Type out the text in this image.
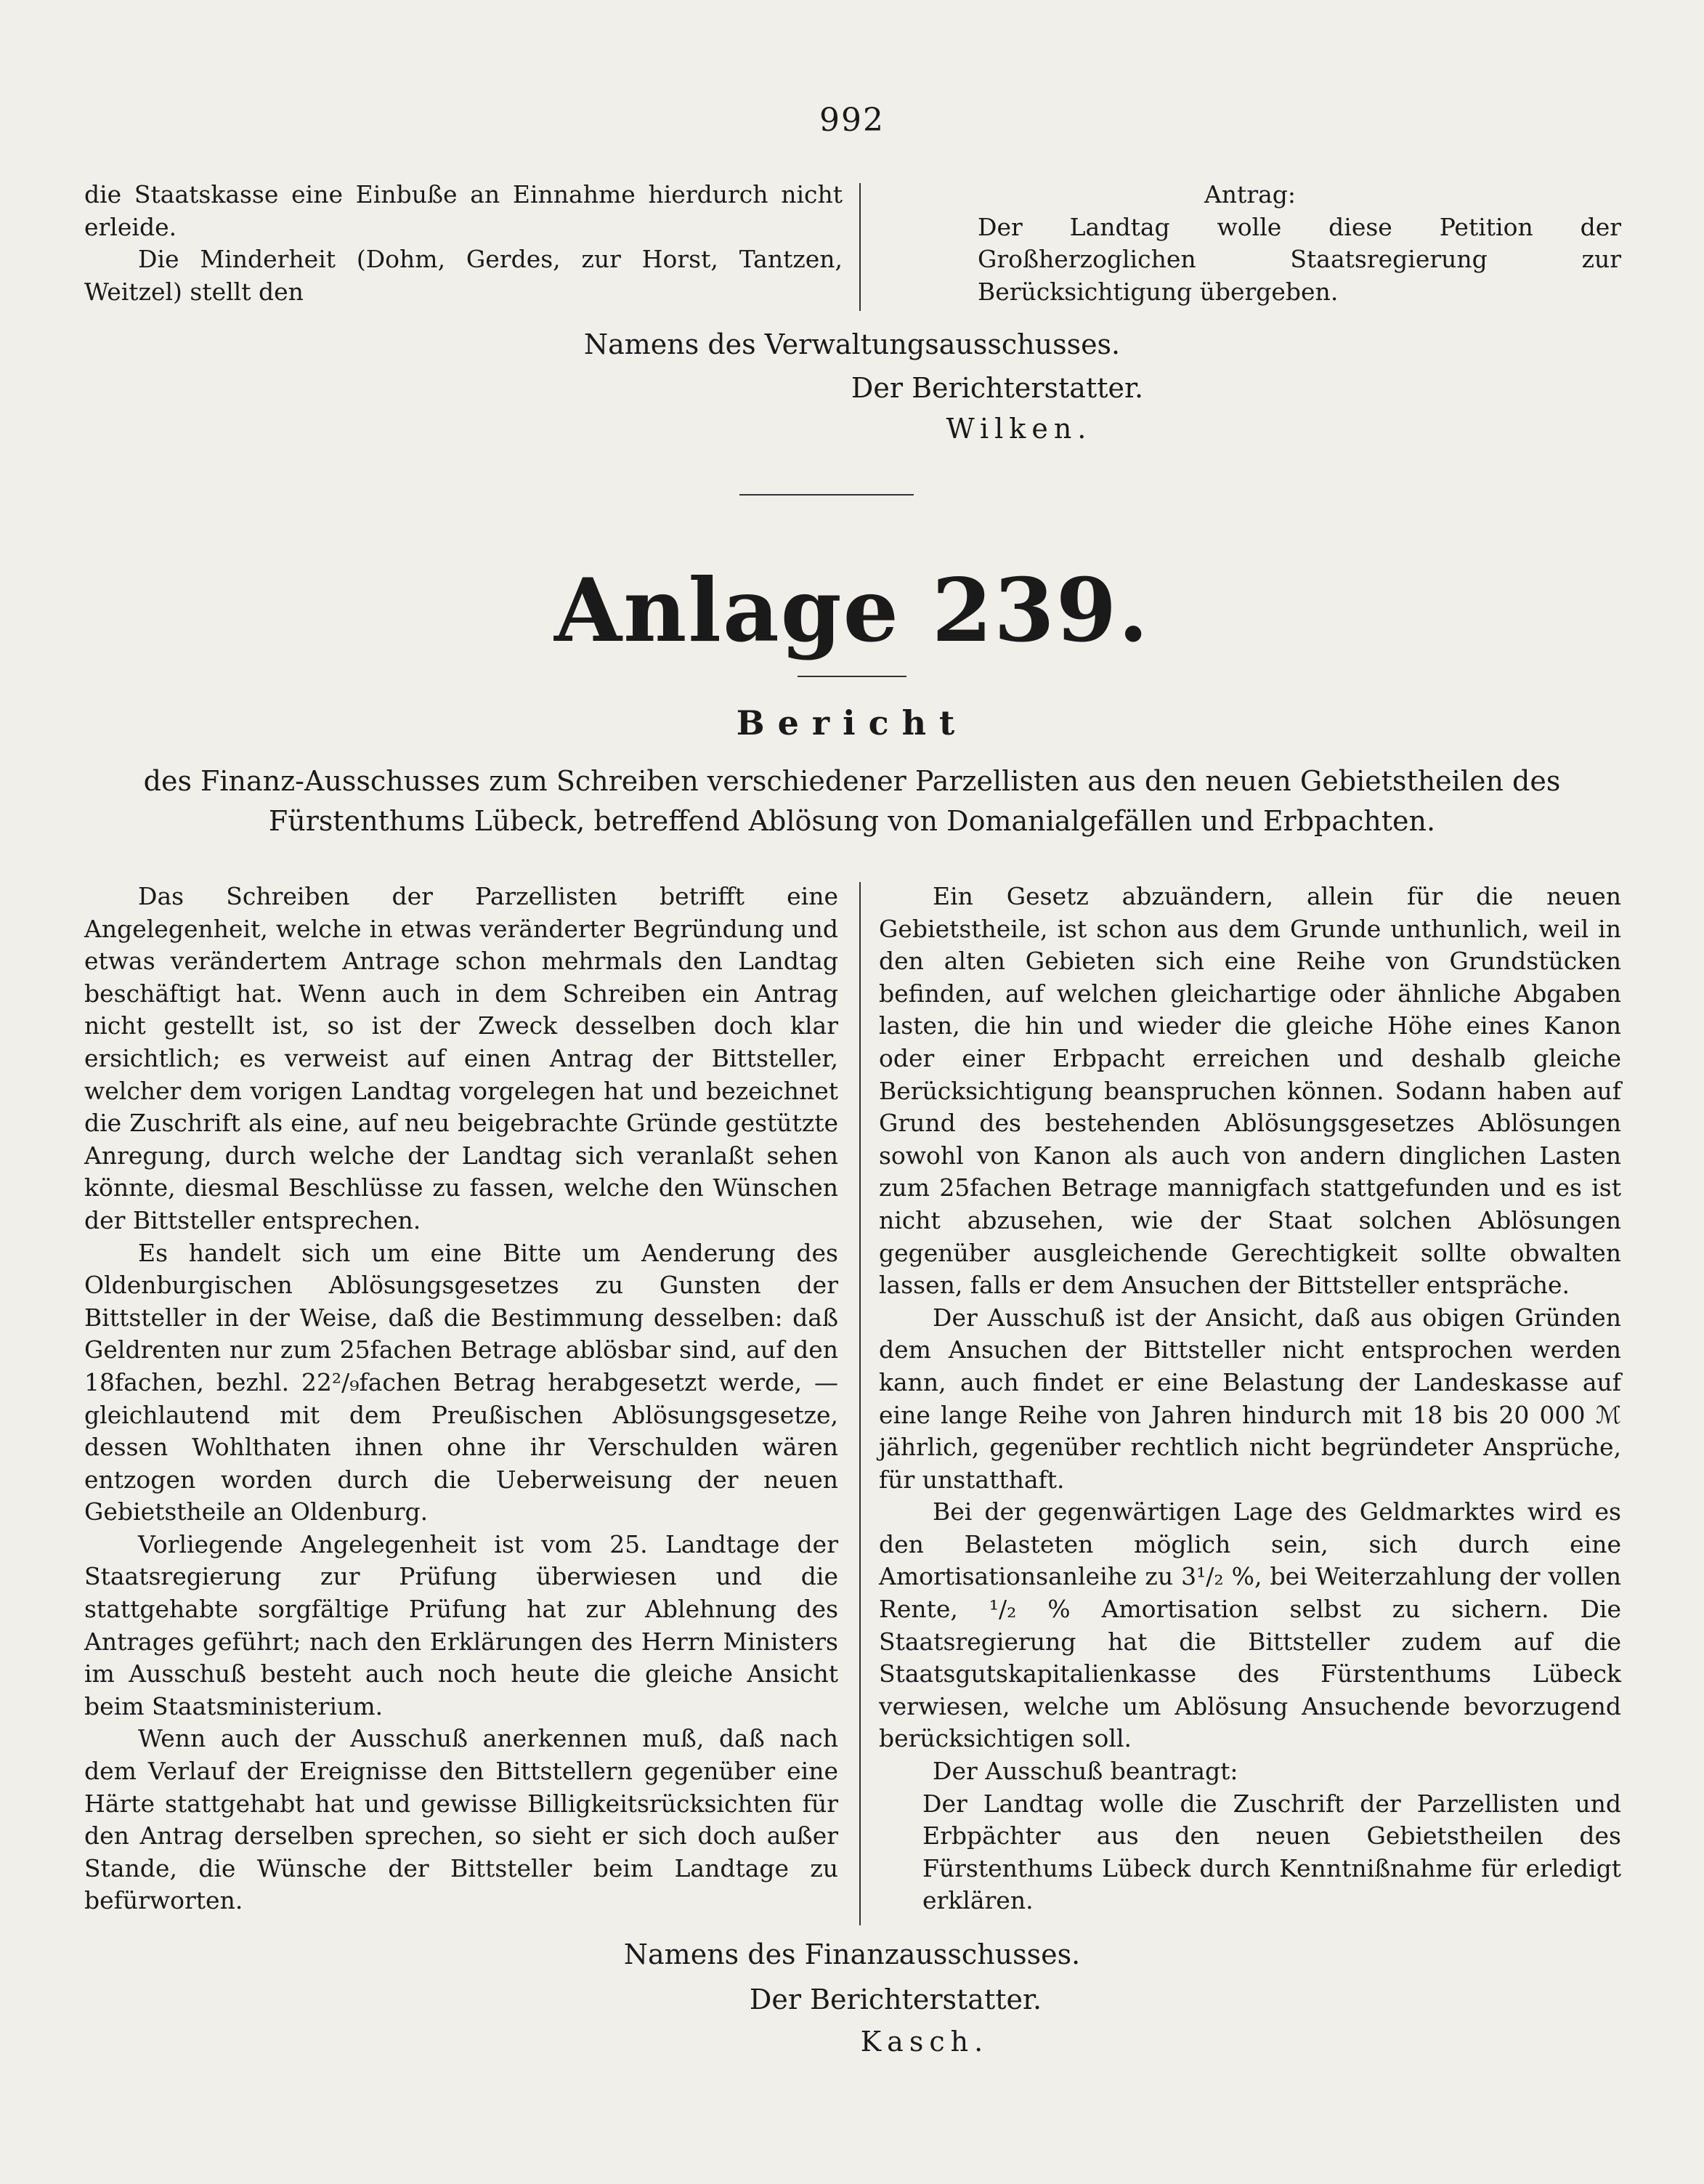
992

die Staatskasse eine Einbuße an Einnahme hierdurch nicht erleide.

Die Minderheit (Dohm, Gerdes, zur Horst, Tantzen, Weitzel) stellt den

Antrag:

Der Landtag wolle diese Petition der Großherzoglichen Staatsregierung zur Berücksichtigung übergeben.

Namens des Verwaltungsausschusses.
Der Berichterstatter.
Wilken.
Anlage 239.
Bericht
des Finanz-Ausschusses zum Schreiben verschiedener Parzellisten aus den neuen Gebietstheilen des Fürstenthums Lübeck, betreffend Ablösung von Domanialgefällen und Erbpachten.

Das Schreiben der Parzellisten betrifft eine Angelegenheit, welche in etwas veränderter Begründung und etwas verändertem Antrage schon mehrmals den Landtag beschäftigt hat. Wenn auch in dem Schreiben ein Antrag nicht gestellt ist, so ist der Zweck desselben doch klar ersichtlich; es verweist auf einen Antrag der Bittsteller, welcher dem vorigen Landtag vorgelegen hat und bezeichnet die Zuschrift als eine, auf neu beigebrachte Gründe gestützte Anregung, durch welche der Landtag sich veranlaßt sehen könnte, diesmal Beschlüsse zu fassen, welche den Wünschen der Bittsteller entsprechen.

Es handelt sich um eine Bitte um Aenderung des Oldenburgischen Ablösungsgesetzes zu Gunsten der Bittsteller in der Weise, daß die Bestimmung desselben: daß Geldrenten nur zum 25fachen Betrage ablösbar sind, auf den 18fachen, bezhl. 22²/₉fachen Betrag herabgesetzt werde, — gleichlautend mit dem Preußischen Ablösungsgesetze, dessen Wohlthaten ihnen ohne ihr Verschulden wären entzogen worden durch die Ueberweisung der neuen Gebietstheile an Oldenburg.

Vorliegende Angelegenheit ist vom 25. Landtage der Staatsregierung zur Prüfung überwiesen und die stattgehabte sorgfältige Prüfung hat zur Ablehnung des Antrages geführt; nach den Erklärungen des Herrn Ministers im Ausschuß besteht auch noch heute die gleiche Ansicht beim Staatsministerium.

Wenn auch der Ausschuß anerkennen muß, daß nach dem Verlauf der Ereignisse den Bittstellern gegenüber eine Härte stattgehabt hat und gewisse Billigkeitsrücksichten für den Antrag derselben sprechen, so sieht er sich doch außer Stande, die Wünsche der Bittsteller beim Landtage zu befürworten.

Ein Gesetz abzuändern, allein für die neuen Gebietstheile, ist schon aus dem Grunde unthunlich, weil in den alten Gebieten sich eine Reihe von Grundstücken befinden, auf welchen gleichartige oder ähnliche Abgaben lasten, die hin und wieder die gleiche Höhe eines Kanon oder einer Erbpacht erreichen und deshalb gleiche Berücksichtigung beanspruchen können. Sodann haben auf Grund des bestehenden Ablösungsgesetzes Ablösungen sowohl von Kanon als auch von andern dinglichen Lasten zum 25fachen Betrage mannigfach stattgefunden und es ist nicht abzusehen, wie der Staat solchen Ablösungen gegenüber ausgleichende Gerechtigkeit sollte obwalten lassen, falls er dem Ansuchen der Bittsteller entspräche.

Der Ausschuß ist der Ansicht, daß aus obigen Gründen dem Ansuchen der Bittsteller nicht entsprochen werden kann, auch findet er eine Belastung der Landeskasse auf eine lange Reihe von Jahren hindurch mit 18 bis 20 000 ℳ jährlich, gegenüber rechtlich nicht begründeter Ansprüche, für unstatthaft.

Bei der gegenwärtigen Lage des Geldmarktes wird es den Belasteten möglich sein, sich durch eine Amortisationsanleihe zu 3¹/₂ %, bei Weiterzahlung der vollen Rente, ¹/₂ % Amortisation selbst zu sichern. Die Staatsregierung hat die Bittsteller zudem auf die Staatsgutskapitalienkasse des Fürstenthums Lübeck verwiesen, welche um Ablösung Ansuchende bevorzugend berücksichtigen soll.

Der Ausschuß beantragt:

Der Landtag wolle die Zuschrift der Parzellisten und Erbpächter aus den neuen Gebietstheilen des Fürstenthums Lübeck durch Kenntnißnahme für erledigt erklären.

Namens des Finanzausschusses.
Der Berichterstatter.
Kasch.
